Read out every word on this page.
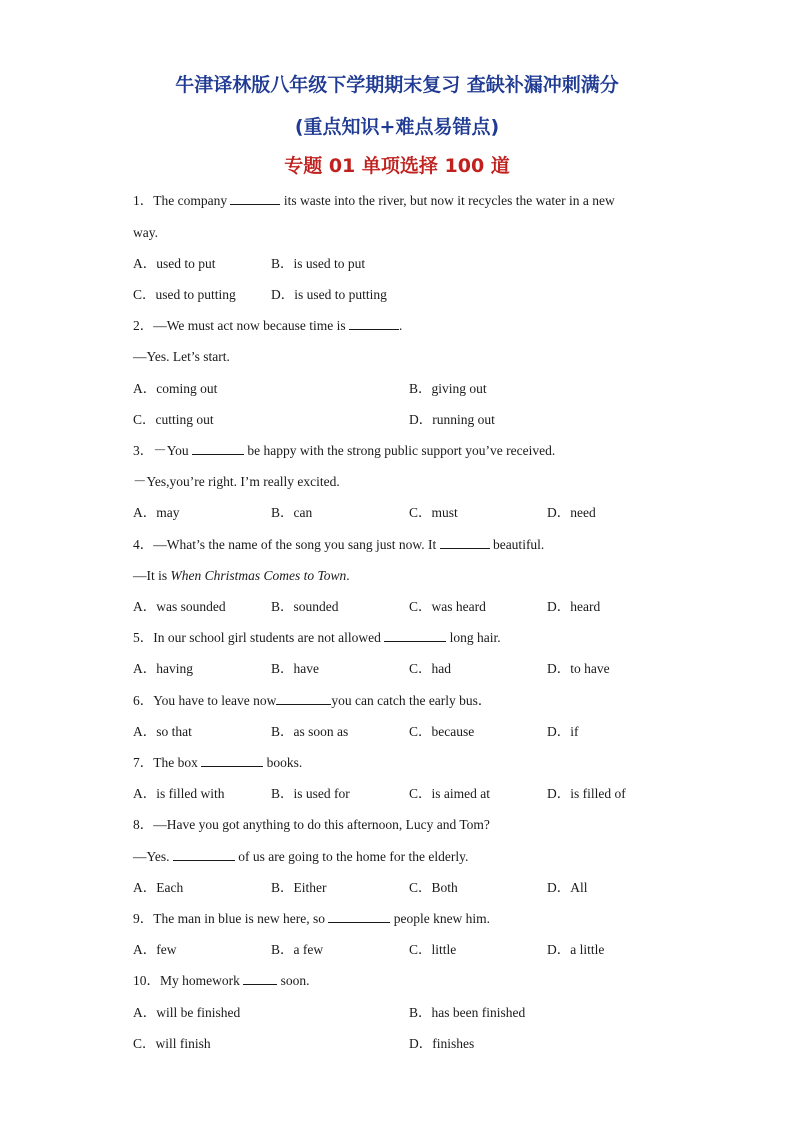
牛津译林版八年级下学期期末复习 查缺补漏冲刺满分
(重点知识+难点易错点)
专题 01 单项选择 100 道
1．The company	its waste into the river, but now it recycles the water in a new
way.
A．used to put	B．is used to put
C．used to putting	D．is used to putting
2．—We must act now because time is	.
—Yes. Let’s start.
A．coming out	B．giving out
C．cutting out	D．running out
3．－You	be happy with the strong public support you’ve received.
－Yes,you’re right. I’m really excited.
A．may	B．can	C．must	D．need
4．—What’s the name of the song you sang just now. It	beautiful.
—It is When Christmas Comes to Town.
A．was sounded	B．sounded	C．was heard	D．heard
5．In our school girl students are not allowed	long hair.
A．having	B．have	C．had	D．to have
6．You have to leave now	you can catch the early bus．
A．so that	B．as soon as	C．because	D．if
7．The box	books.
A．is filled with	B．is used for	C．is aimed at	D．is filled of
8．—Have you got anything to do this afternoon, Lucy and Tom?
—Yes.	of us are going to the home for the elderly.
A．Each	B．Either	C．Both	D．All
9．The man in blue is new here, so	people knew him.
A．few	B．a few	C．little	D．a little
10．My homework	soon.
A．will be finished	B．has been finished
C．will finish	D．finishes
